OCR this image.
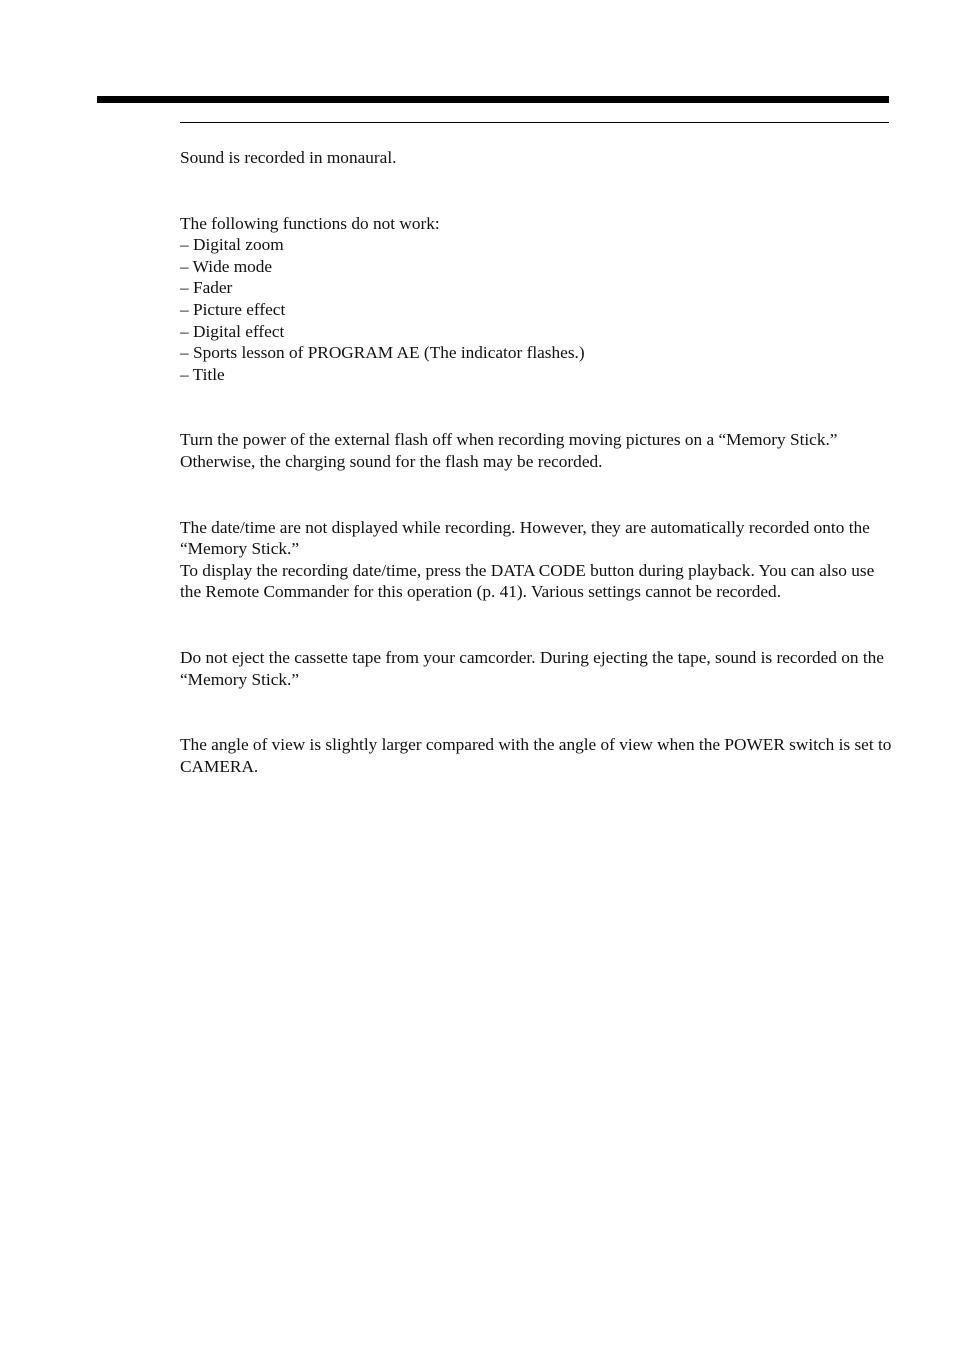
Sound is recorded in monaural.

The following functions do not work:

– Digital zoom
– Wide mode
– Fader
– Picture effect
– Digital effect
– Sports lesson of PROGRAM AE (The indicator flashes.)
– Title

Turn the power of the external flash off when recording moving pictures on a “Memory Stick.” Otherwise, the charging sound for the flash may be recorded.

The date/time are not displayed while recording. However, they are automatically recorded onto the “Memory Stick.”

To display the recording date/time, press the DATA CODE button during playback. You can also use the Remote Commander for this operation (p. 41). Various settings cannot be recorded.

Do not eject the cassette tape from your camcorder. During ejecting the tape, sound is recorded on the “Memory Stick.”

The angle of view is slightly larger compared with the angle of view when the POWER switch is set to CAMERA.
